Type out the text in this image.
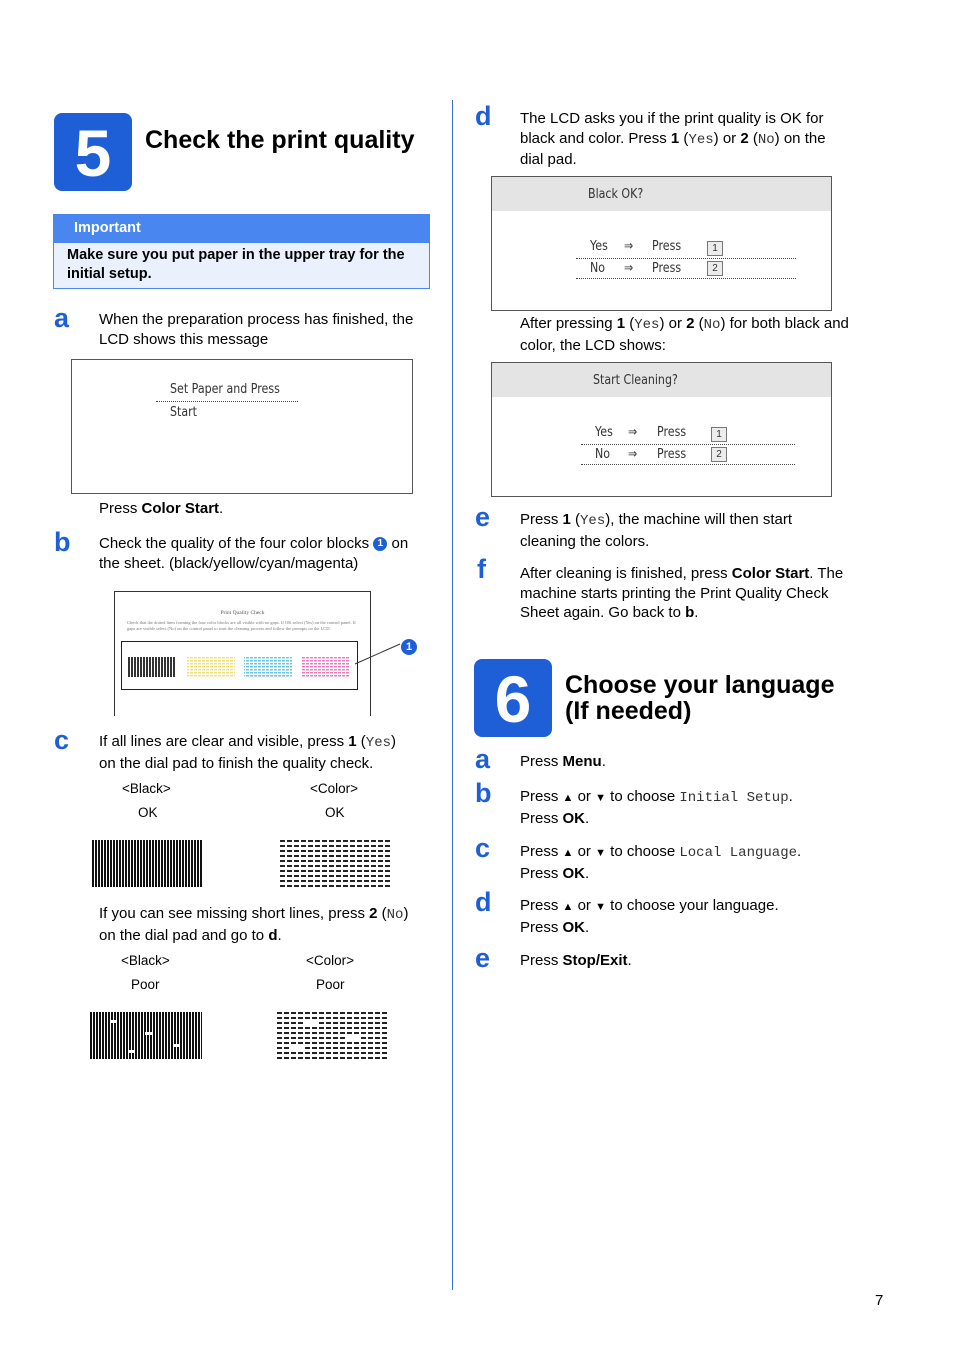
5	Check the print quality
Important
Make sure you put paper in the upper tray for the initial setup.
a When the preparation process has finished, the LCD shows this message
Set Paper and Press
Start
Press Color Start.
b Check the quality of the four color blocks 1 on the sheet. (black/yellow/cyan/magenta)
Print Quality Check
Check that the dotted lines forming the four color blocks are all visible with no gaps. If OK select (Yes) on the control panel. If gaps are visible select (No) on the control panel to start the cleaning process and follow the prompts on the LCD.
1
c If all lines are clear and visible, press 1 (Yes)
on the dial pad to finish the quality check.
<Black>
OK
<Color>
OK
If you can see missing short lines, press 2 (No)
on the dial pad and go to d.
<Black>
Poor
<Color>
Poor
d The LCD asks you if the print quality is OK for black and color. Press 1 (Yes) or 2 (No) on the dial pad.
Black OK?
Yes ⇒ Press	1
No ⇒ Press	2
After pressing 1 (Yes) or 2 (No) for both black and color, the LCD shows:
Start Cleaning?
Yes ⇒ Press	1
No ⇒ Press	2
e Press 1 (Yes), the machine will then start cleaning the colors.
f After cleaning is finished, press Color Start. The machine starts printing the Print Quality Check Sheet again. Go back to b.
6	Choose your language
(If needed)
a Press Menu.
b Press ▲ or ▼ to choose Initial Setup.
Press OK.
c Press ▲ or ▼ to choose Local Language.
Press OK.
d Press ▲ or ▼ to choose your language.
Press OK.
e Press Stop/Exit.
7
